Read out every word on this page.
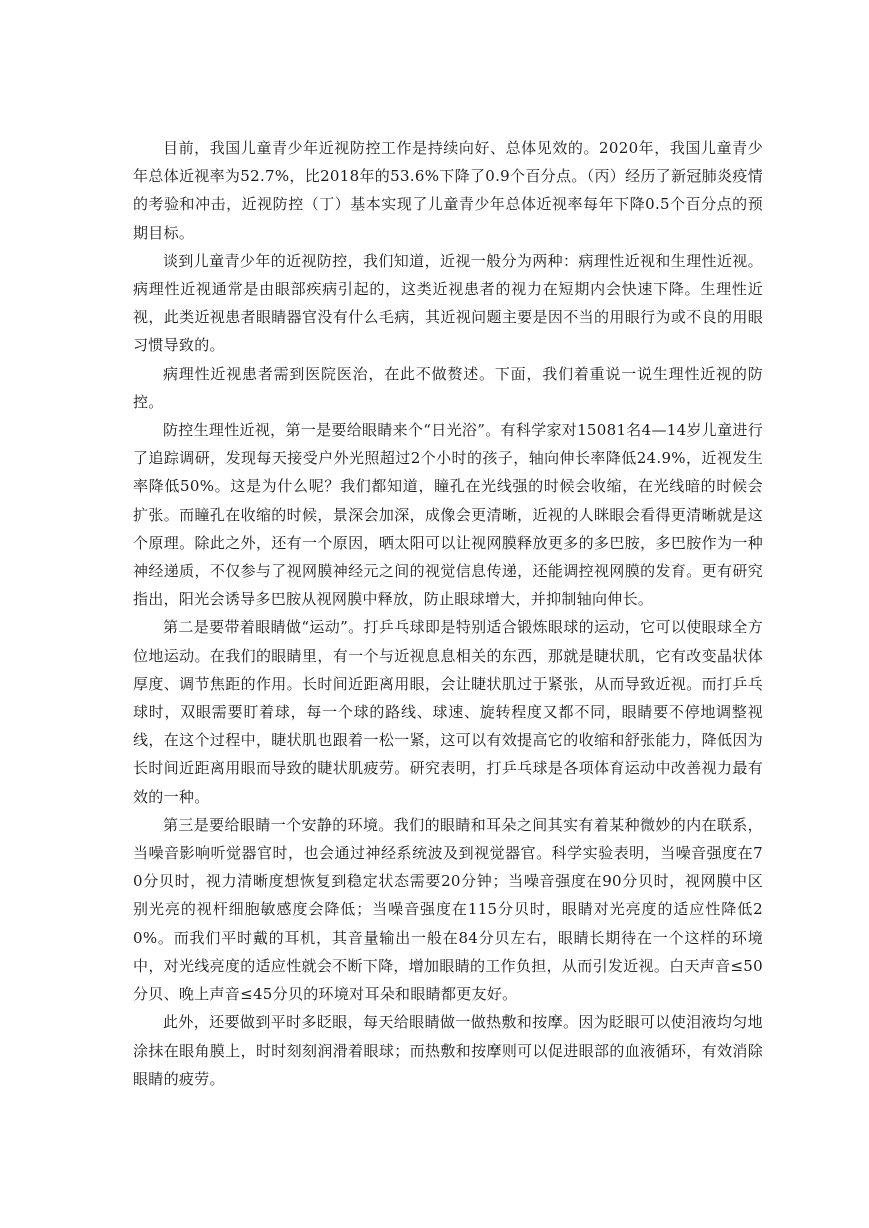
目前，我国儿童青少年近视防控工作是持续向好、总体见效的。2020年，我国儿童青少年总体近视率为52.7%，比2018年的53.6%下降了0.9个百分点。（丙）经历了新冠肺炎疫情的考验和冲击，近视防控（丁）基本实现了儿童青少年总体近视率每年下降0.5个百分点的预期目标。

谈到儿童青少年的近视防控，我们知道，近视一般分为两种：病理性近视和生理性近视。病理性近视通常是由眼部疾病引起的，这类近视患者的视力在短期内会快速下降。生理性近视，此类近视患者眼睛器官没有什么毛病，其近视问题主要是因不当的用眼行为或不良的用眼习惯导致的。

病理性近视患者需到医院医治，在此不做赘述。下面，我们着重说一说生理性近视的防控。

防控生理性近视，第一是要给眼睛来个“日光浴”。有科学家对15081名4—14岁儿童进行了追踪调研，发现每天接受户外光照超过2个小时的孩子，轴向伸长率降低24.9%，近视发生率降低50%。这是为什么呢？我们都知道，瞳孔在光线强的时候会收缩，在光线暗的时候会扩张。而瞳孔在收缩的时候，景深会加深，成像会更清晰，近视的人眯眼会看得更清晰就是这个原理。除此之外，还有一个原因，晒太阳可以让视网膜释放更多的多巴胺，多巴胺作为一种神经递质，不仅参与了视网膜神经元之间的视觉信息传递，还能调控视网膜的发育。更有研究指出，阳光会诱导多巴胺从视网膜中释放，防止眼球增大，并抑制轴向伸长。

第二是要带着眼睛做“运动”。打乒乓球即是特别适合锻炼眼球的运动，它可以使眼球全方位地运动。在我们的眼睛里，有一个与近视息息相关的东西，那就是睫状肌，它有改变晶状体厚度、调节焦距的作用。长时间近距离用眼，会让睫状肌过于紧张，从而导致近视。而打乒乓球时，双眼需要盯着球，每一个球的路线、球速、旋转程度又都不同，眼睛要不停地调整视线，在这个过程中，睫状肌也跟着一松一紧，这可以有效提高它的收缩和舒张能力，降低因为长时间近距离用眼而导致的睫状肌疲劳。研究表明，打乒乓球是各项体育运动中改善视力最有效的一种。

第三是要给眼睛一个安静的环境。我们的眼睛和耳朵之间其实有着某种微妙的内在联系，当噪音影响听觉器官时，也会通过神经系统波及到视觉器官。科学实验表明，当噪音强度在70分贝时，视力清晰度想恢复到稳定状态需要20分钟；当噪音强度在90分贝时，视网膜中区别光亮的视杆细胞敏感度会降低；当噪音强度在115分贝时，眼睛对光亮度的适应性降低20%。而我们平时戴的耳机，其音量输出一般在84分贝左右，眼睛长期待在一个这样的环境中，对光线亮度的适应性就会不断下降，增加眼睛的工作负担，从而引发近视。白天声音≤50分贝、晚上声音≤45分贝的环境对耳朵和眼睛都更友好。

此外，还要做到平时多眨眼，每天给眼睛做一做热敷和按摩。因为眨眼可以使泪液均匀地涂抹在眼角膜上，时时刻刻润滑着眼球；而热敷和按摩则可以促进眼部的血液循环，有效消除眼睛的疲劳。
